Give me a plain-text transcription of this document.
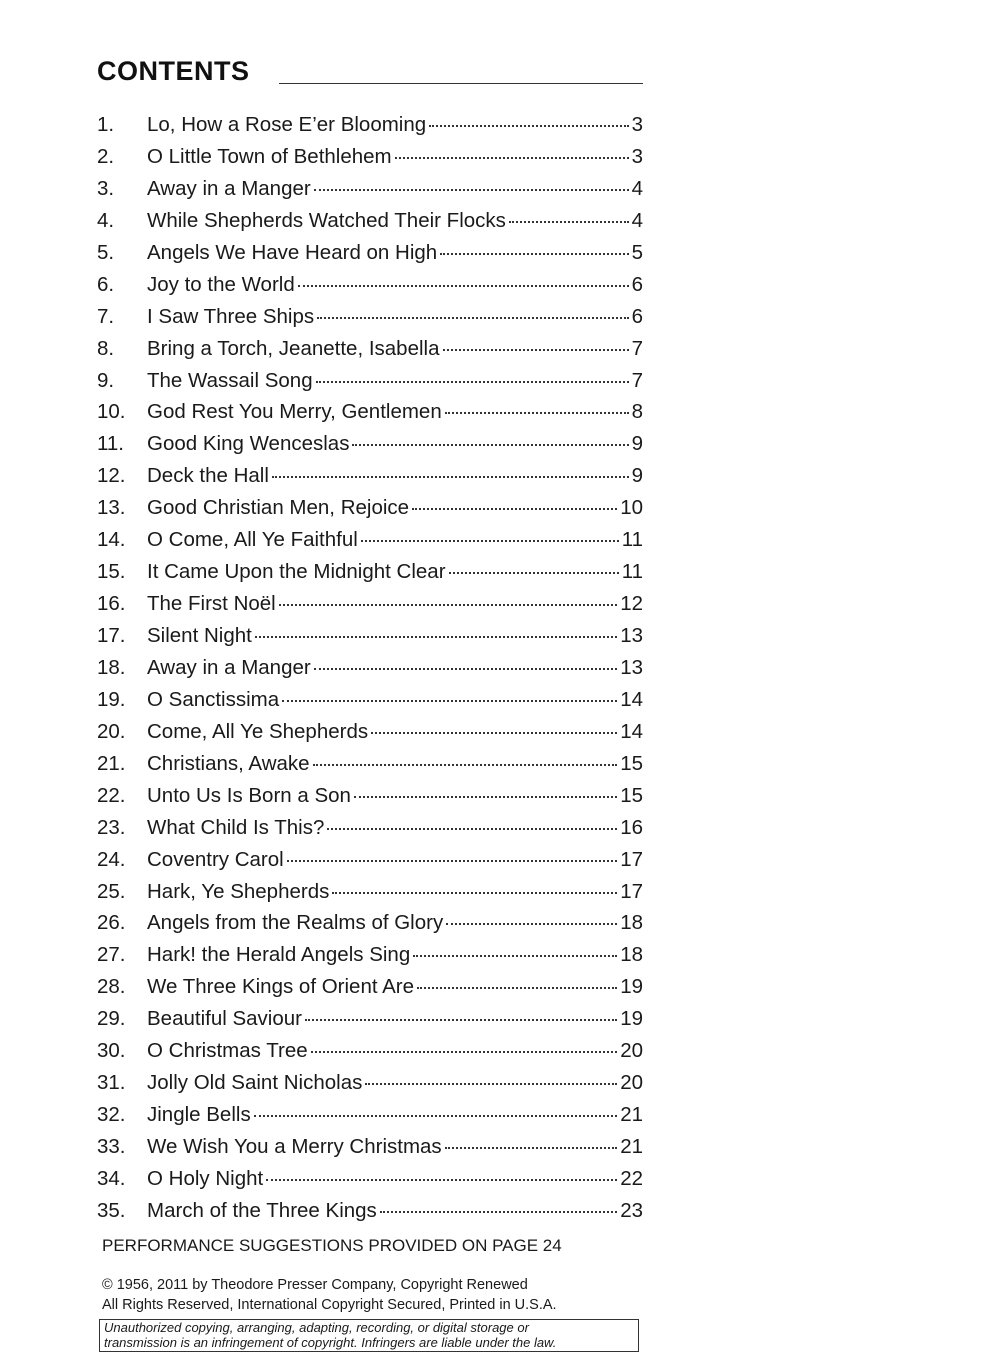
CONTENTS
1.	Lo, How a Rose E’er Blooming	3
2.	O Little Town of Bethlehem	3
3.	Away in a Manger	4
4.	While Shepherds Watched Their Flocks	4
5.	Angels We Have Heard on High	5
6.	Joy to the World	6
7.	I Saw Three Ships	6
8.	Bring a Torch, Jeanette, Isabella	7
9.	The Wassail Song	7
10.	God Rest You Merry, Gentlemen	8
11.	Good King Wenceslas	9
12.	Deck the Hall	9
13.	Good Christian Men, Rejoice	10
14.	O Come, All Ye Faithful	11
15.	It Came Upon the Midnight Clear	11
16.	The First Noël	12
17.	Silent Night	13
18.	Away in a Manger	13
19.	O Sanctissima	14
20.	Come, All Ye Shepherds	14
21.	Christians, Awake	15
22.	Unto Us Is Born a Son	15
23.	What Child Is This?	16
24.	Coventry Carol	17
25.	Hark, Ye Shepherds	17
26.	Angels from the Realms of Glory	18
27.	Hark! the Herald Angels Sing	18
28.	We Three Kings of Orient Are	19
29.	Beautiful Saviour	19
30.	O Christmas Tree	20
31.	Jolly Old Saint Nicholas	20
32.	Jingle Bells	21
33.	We Wish You a Merry Christmas	21
34.	O Holy Night	22
35.	March of the Three Kings	23
PERFORMANCE SUGGESTIONS PROVIDED ON PAGE 24
© 1956, 2011 by Theodore Presser Company, Copyright Renewed
All Rights Reserved, International Copyright Secured, Printed in U.S.A.
Unauthorized copying, arranging, adapting, recording, or digital storage or
transmission is an infringement of copyright. Infringers are liable under the law.
